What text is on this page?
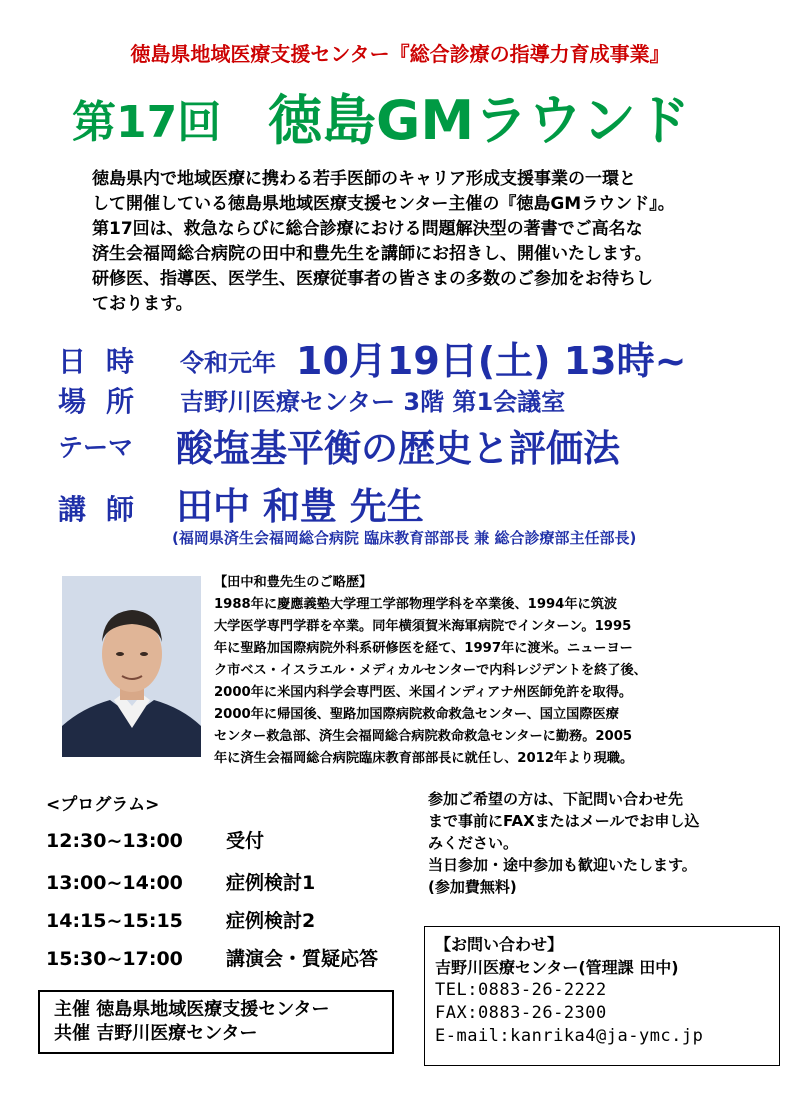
徳島県地域医療支援センター『総合診療の指導力育成事業』
第17回 徳島GMラウンド

徳島県内で地域医療に携わる若手医師のキャリア形成支援事業の一環と

して開催している徳島県地域医療支援センター主催の『徳島GMラウンド』。

第17回は、救急ならびに総合診療における問題解決型の著書でご高名な

済生会福岡総合病院の田中和豊先生を講師にお招きし、開催いたします。

研修医、指導医、医学生、医療従事者の皆さまの多数のご参加をお待ちし

ております。

日時 令和元年 10月19日(土) 13時~
場所 吉野川医療センター 3階 第1会議室
テーマ 酸塩基平衡の歴史と評価法
講師 田中 和豊 先生
(福岡県済生会福岡総合病院 臨床教育部部長 兼 総合診療部主任部長)

【田中和豊先生のご略歴】

1988年に慶應義塾大学理工学部物理学科を卒業後、1994年に筑波

大学医学専門学群を卒業。同年横須賀米海軍病院でインターン。1995

年に聖路加国際病院外科系研修医を経て、1997年に渡米。ニューヨー

ク市ベス・イスラエル・メディカルセンターで内科レジデントを終了後、

2000年に米国内科学会専門医、米国インディアナ州医師免許を取得。

2000年に帰国後、聖路加国際病院救命救急センター、国立国際医療

センター救急部、済生会福岡総合病院救命救急センターに勤務。2005

年に済生会福岡総合病院臨床教育部部長に就任し、2012年より現職。

<プログラム>
12:30~13:00 受付
13:00~14:00 症例検討1
14:15~15:15 症例検討2
15:30~17:00 講演会・質疑応答

参加ご希望の方は、下記問い合わせ先

まで事前にFAXまたはメールでお申し込

みください。

当日参加・途中参加も歓迎いたします。

(参加費無料)

【お問い合わせ】

吉野川医療センター(管理課 田中)

TEL:0883-26-2222

FAX:0883-26-2300

E-mail:kanrika4@ja-ymc.jp

主催 徳島県地域医療支援センター

共催 吉野川医療センター
